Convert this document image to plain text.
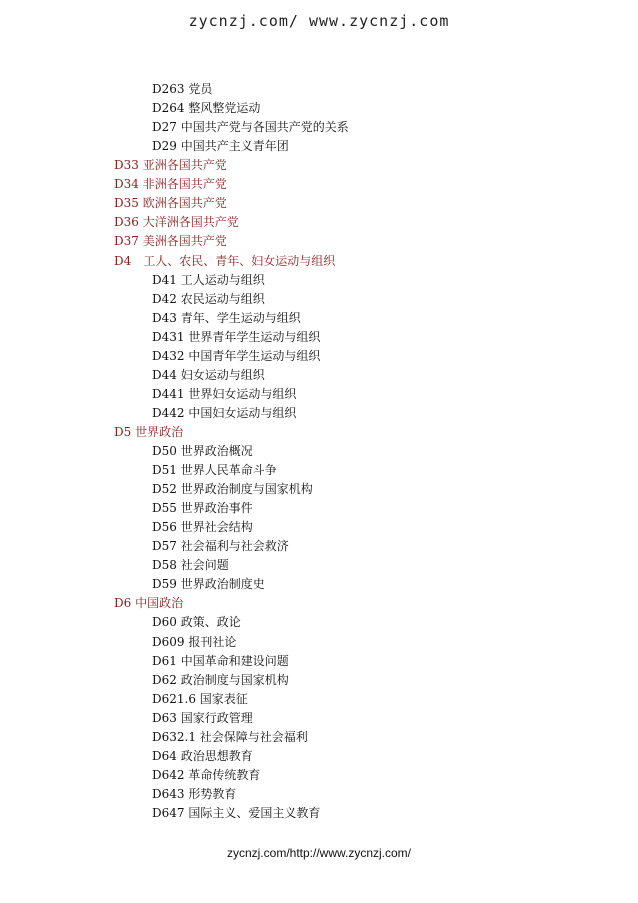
zycnzj.com/ www.zycnzj.com
D263 党员
D264 整风整党运动
D27 中国共产党与各国共产党的关系
D29 中国共产主义青年团
D33 亚洲各国共产党
D34 非洲各国共产党
D35 欧洲各国共产党
D36 大洋洲各国共产党
D37 美洲各国共产党
D4　工人、农民、青年、妇女运动与组织
D41 工人运动与组织
D42 农民运动与组织
D43 青年、学生运动与组织
D431 世界青年学生运动与组织
D432 中国青年学生运动与组织
D44 妇女运动与组织
D441 世界妇女运动与组织
D442 中国妇女运动与组织
D5 世界政治
D50 世界政治概况
D51 世界人民革命斗争
D52 世界政治制度与国家机构
D55 世界政治事件
D56 世界社会结构
D57 社会福利与社会救济
D58 社会问题
D59 世界政治制度史
D6 中国政治
D60 政策、政论
D609 报刊社论
D61 中国革命和建设问题
D62 政治制度与国家机构
D621.6 国家表征
D63 国家行政管理
D632.1 社会保障与社会福利
D64 政治思想教育
D642 革命传统教育
D643 形势教育
D647 国际主义、爱国主义教育
zycnzj.com/http://www.zycnzj.com/
